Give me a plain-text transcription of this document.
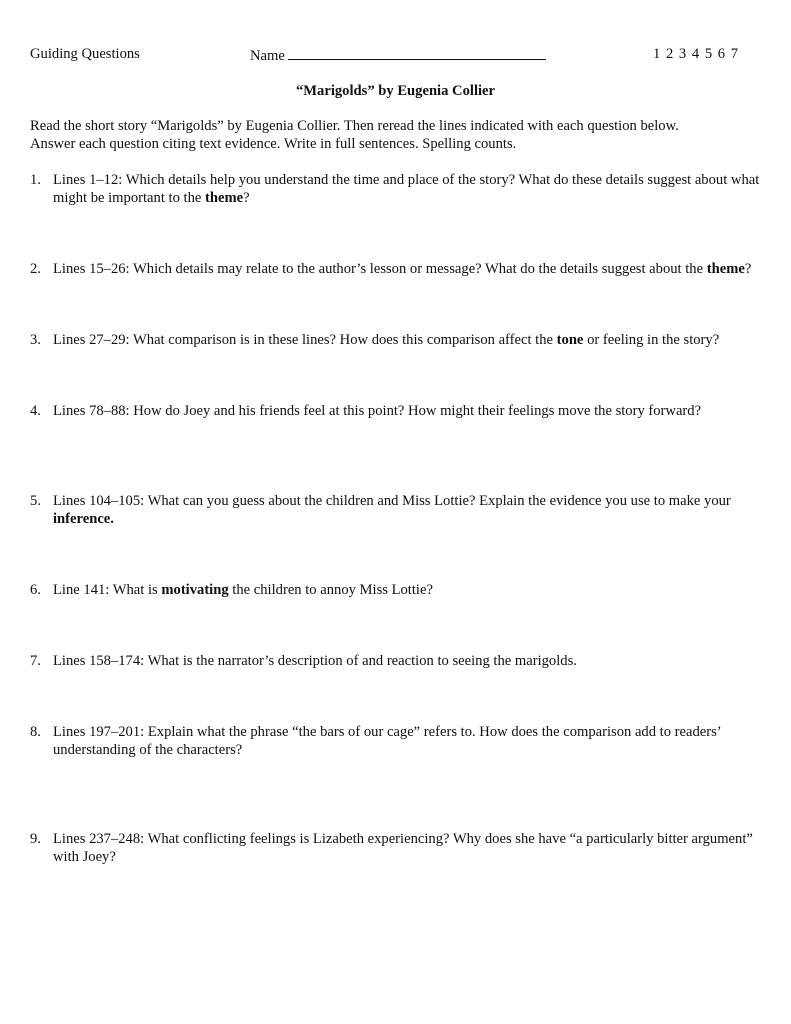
Guiding Questions	Name	1 2 3 4 5 6 7
“Marigolds” by Eugenia Collier
Read the short story “Marigolds” by Eugenia Collier. Then reread the lines indicated with each question below.
Answer each question citing text evidence. Write in full sentences. Spelling counts.
1. Lines 1–12: Which details help you understand the time and place of the story? What do these details suggest about what might be important to the theme?
2. Lines 15–26: Which details may relate to the author’s lesson or message? What do the details suggest about the theme?
3. Lines 27–29: What comparison is in these lines? How does this comparison affect the tone or feeling in the story?
4. Lines 78–88: How do Joey and his friends feel at this point? How might their feelings move the story forward?
5. Lines 104–105: What can you guess about the children and Miss Lottie? Explain the evidence you use to make your inference.
6. Line 141: What is motivating the children to annoy Miss Lottie?
7. Lines 158–174: What is the narrator’s description of and reaction to seeing the marigolds.
8. Lines 197–201: Explain what the phrase “the bars of our cage” refers to. How does the comparison add to readers’ understanding of the characters?
9. Lines 237–248: What conflicting feelings is Lizabeth experiencing? Why does she have “a particularly bitter argument” with Joey?
